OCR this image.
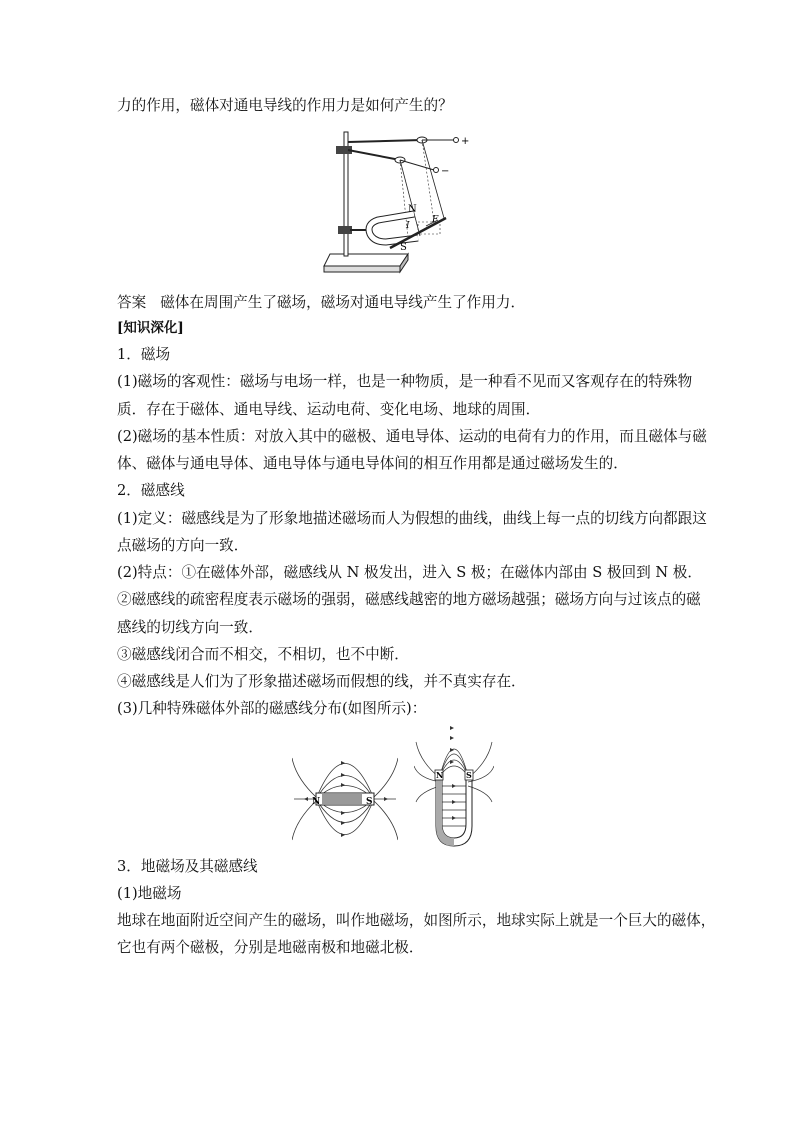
力的作用，磁体对通电导线的作用力是如何产生的？
+
−
N
I
F
S
答案 磁体在周围产生了磁场，磁场对通电导线产生了作用力．
[知识深化]
1．磁场
(1)磁场的客观性：磁场与电场一样，也是一种物质，是一种看不见而又客观存在的特殊物
质．存在于磁体、通电导线、运动电荷、变化电场、地球的周围．
(2)磁场的基本性质：对放入其中的磁极、通电导体、运动的电荷有力的作用，而且磁体与磁
体、磁体与通电导体、通电导体与通电导体间的相互作用都是通过磁场发生的．
2．磁感线
(1)定义：磁感线是为了形象地描述磁场而人为假想的曲线，曲线上每一点的切线方向都跟这
点磁场的方向一致．
(2)特点：①在磁体外部，磁感线从 N 极发出，进入 S 极；在磁体内部由 S 极回到 N 极．
②磁感线的疏密程度表示磁场的强弱，磁感线越密的地方磁场越强；磁场方向与过该点的磁
感线的切线方向一致．
③磁感线闭合而不相交，不相切，也不中断．
④磁感线是人们为了形象描述磁场而假想的线，并不真实存在．
(3)几种特殊磁体外部的磁感线分布(如图所示)：
N	S
N	S
3．地磁场及其磁感线
(1)地磁场
地球在地面附近空间产生的磁场，叫作地磁场，如图所示，地球实际上就是一个巨大的磁体，
它也有两个磁极，分别是地磁南极和地磁北极．
